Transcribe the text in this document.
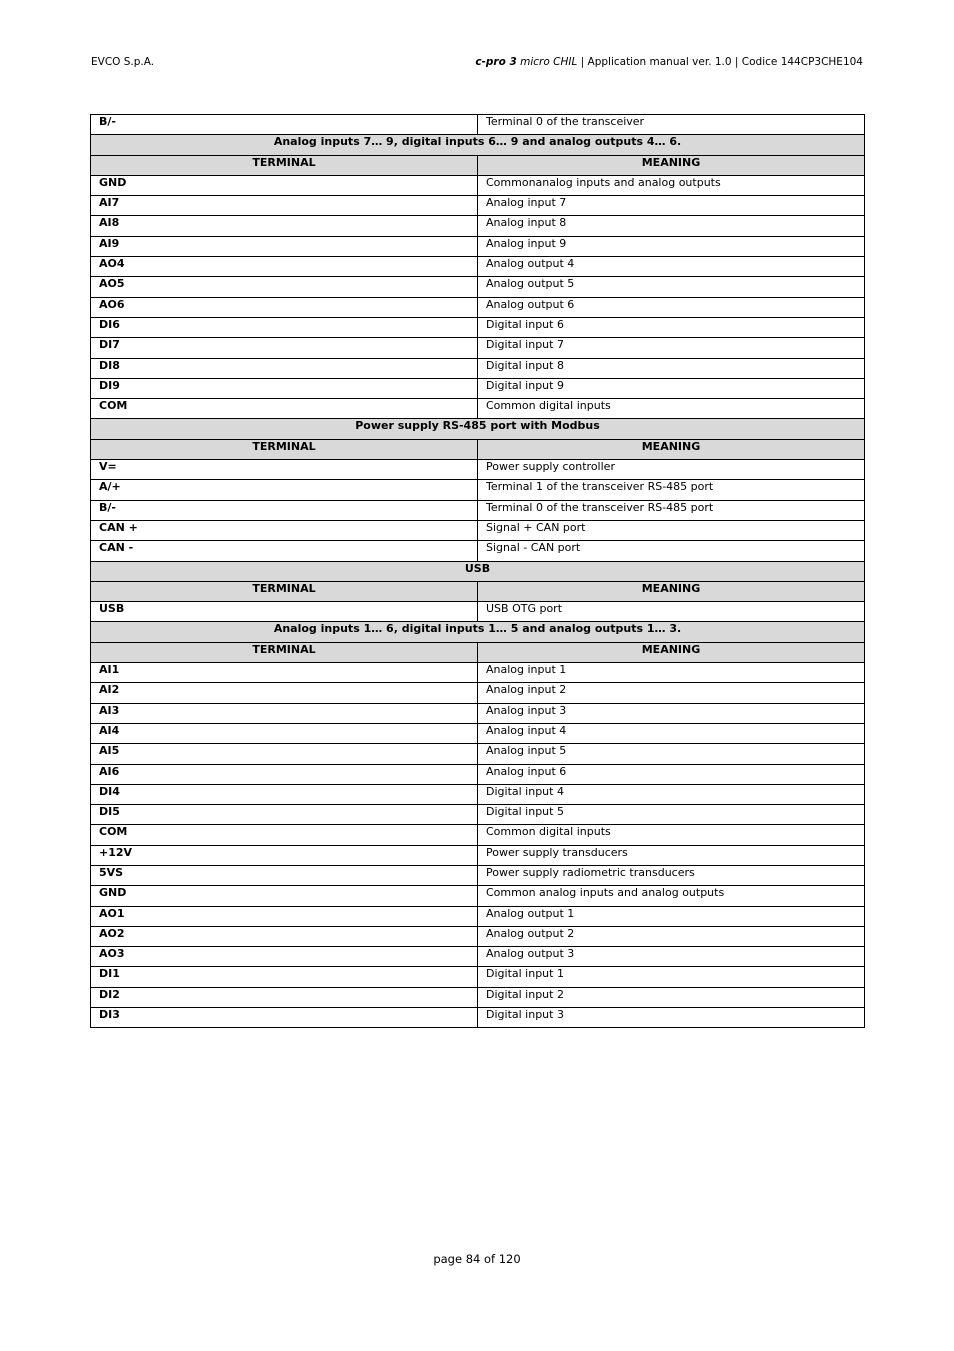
EVCO S.p.A.	c-pro 3 micro CHIL | Application manual ver. 1.0 | Codice 144CP3CHE104
B/-	Terminal 0 of the transceiver
Analog inputs 7… 9, digital inputs 6… 9 and analog outputs 4… 6.	
TERMINAL	MEANING
GND	Commonanalog inputs and analog outputs
AI7	Analog input 7
AI8	Analog input 8
AI9	Analog input 9
AO4	Analog output 4
AO5	Analog output 5
AO6	Analog output 6
DI6	Digital input 6
DI7	Digital input 7
DI8	Digital input 8
DI9	Digital input 9
COM	Common digital inputs
Power supply RS-485 port with Modbus	
TERMINAL	MEANING
V=	Power supply controller
A/+	Terminal 1 of the transceiver RS-485 port
B/-	Terminal 0 of the transceiver RS-485 port
CAN +	Signal + CAN port
CAN -	Signal - CAN port
USB	
TERMINAL	MEANING
USB	USB OTG port
Analog inputs 1… 6, digital inputs 1… 5 and analog outputs 1… 3.	
TERMINAL	MEANING
AI1	Analog input 1
AI2	Analog input 2
AI3	Analog input 3
AI4	Analog input 4
AI5	Analog input 5
AI6	Analog input 6
DI4	Digital input 4
DI5	Digital input 5
COM	Common digital inputs
+12V	Power supply transducers
5VS	Power supply radiometric transducers
GND	Common analog inputs and analog outputs
AO1	Analog output 1
AO2	Analog output 2
AO3	Analog output 3
DI1	Digital input 1
DI2	Digital input 2
DI3	Digital input 3
page 84 of 120
